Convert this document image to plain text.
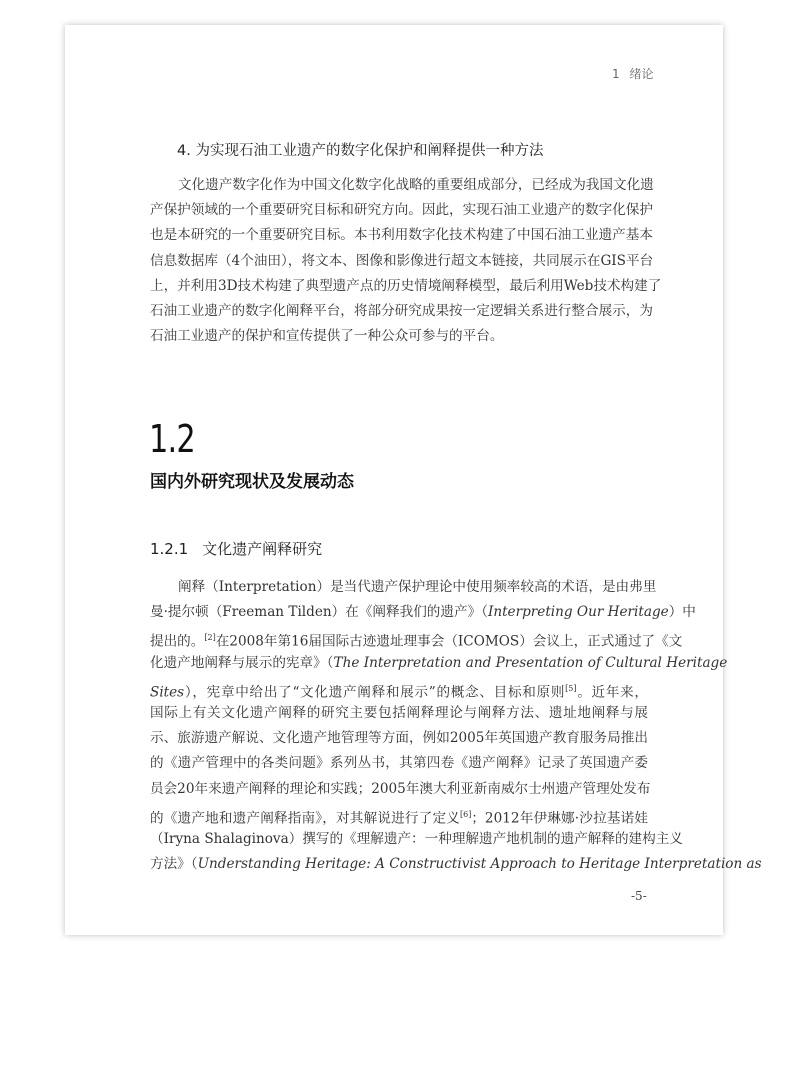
1 绪论
4. 为实现石油工业遗产的数字化保护和阐释提供一种方法
文化遗产数字化作为中国文化数字化战略的重要组成部分，已经成为我国文化遗
产保护领域的一个重要研究目标和研究方向。因此，实现石油工业遗产的数字化保护
也是本研究的一个重要研究目标。本书利用数字化技术构建了中国石油工业遗产基本
信息数据库（4个油田），将文本、图像和影像进行超文本链接，共同展示在GIS平台
上，并利用3D技术构建了典型遗产点的历史情境阐释模型，最后利用Web技术构建了
石油工业遗产的数字化阐释平台，将部分研究成果按一定逻辑关系进行整合展示，为
石油工业遗产的保护和宣传提供了一种公众可参与的平台。
1.2
国内外研究现状及发展动态
1.2.1 文化遗产阐释研究
阐释（Interpretation）是当代遗产保护理论中使用频率较高的术语，是由弗里
曼·提尔顿（Freeman Tilden）在《阐释我们的遗产》（Interpreting Our Heritage）中
提出的。[2]在2008年第16届国际古迹遗址理事会（ICOMOS）会议上，正式通过了《文
化遗产地阐释与展示的宪章》（The Interpretation and Presentation of Cultural Heritage
Sites），宪章中给出了“文化遗产阐释和展示”的概念、目标和原则[5]。近年来，
国际上有关文化遗产阐释的研究主要包括阐释理论与阐释方法、遗址地阐释与展
示、旅游遗产解说、文化遗产地管理等方面，例如2005年英国遗产教育服务局推出
的《遗产管理中的各类问题》系列丛书，其第四卷《遗产阐释》记录了英国遗产委
员会20年来遗产阐释的理论和实践；2005年澳大利亚新南威尔士州遗产管理处发布
的《遗产地和遗产阐释指南》，对其解说进行了定义[6]；2012年伊琳娜·沙拉基诺娃
（Iryna Shalaginova）撰写的《理解遗产：一种理解遗产地机制的遗产解释的建构主义
方法》（Understanding Heritage: A Constructivist Approach to Heritage Interpretation as
-5-
